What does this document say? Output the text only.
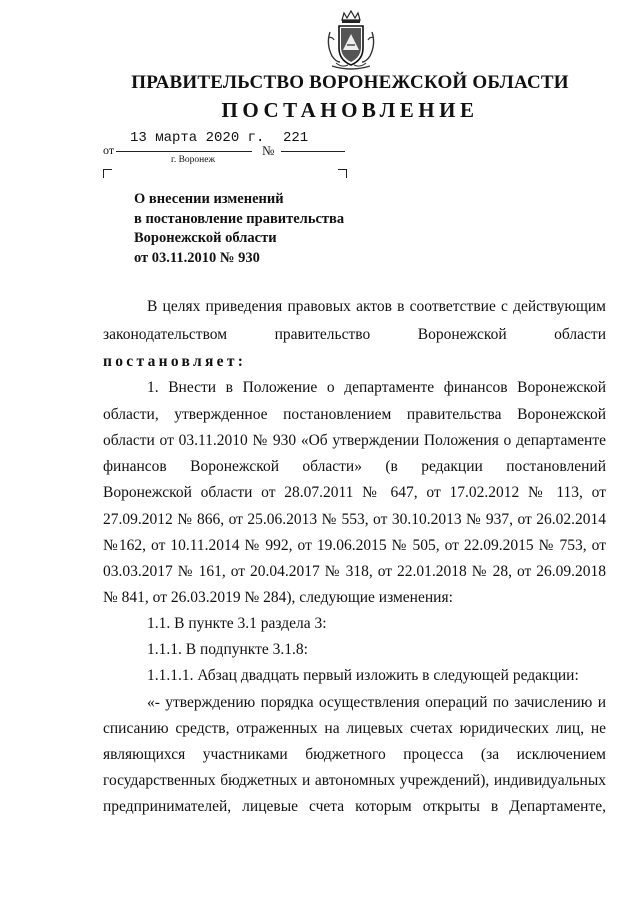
ПРАВИТЕЛЬСТВО ВОРОНЕЖСКОЙ ОБЛАСТИ
ПОСТАНОВЛЕНИЕ
от
13 марта 2020 г.
№
221
г. Воронеж
О внесении изменений
в постановление правительства
Воронежской области
от 03.11.2010 № 930
В целях приведения правовых актов в соответствие с действующим
законодательством правительство Воронежской области
постановляет:
1. Внести в Положение о департаменте финансов Воронежской
области, утвержденное постановлением правительства Воронежской
области от 03.11.2010 № 930 «Об утверждении Положения о департаменте
финансов Воронежской области» (в редакции постановлений
Воронежской области от 28.07.2011 № 647, от 17.02.2012 № 113, от
27.09.2012 № 866, от 25.06.2013 № 553, от 30.10.2013 № 937, от 26.02.2014
№162, от 10.11.2014 № 992, от 19.06.2015 № 505, от 22.09.2015 № 753, от
03.03.2017 № 161, от 20.04.2017 № 318, от 22.01.2018 № 28, от 26.09.2018
№ 841, от 26.03.2019 № 284), следующие изменения:
1.1. В пункте 3.1 раздела 3:
1.1.1. В подпункте 3.1.8:
1.1.1.1. Абзац двадцать первый изложить в следующей редакции:
«- утверждению порядка осуществления операций по зачислению и
списанию средств, отраженных на лицевых счетах юридических лиц, не
являющихся участниками бюджетного процесса (за исключением
государственных бюджетных и автономных учреждений), индивидуальных
предпринимателей, лицевые счета которым открыты в Департаменте,
